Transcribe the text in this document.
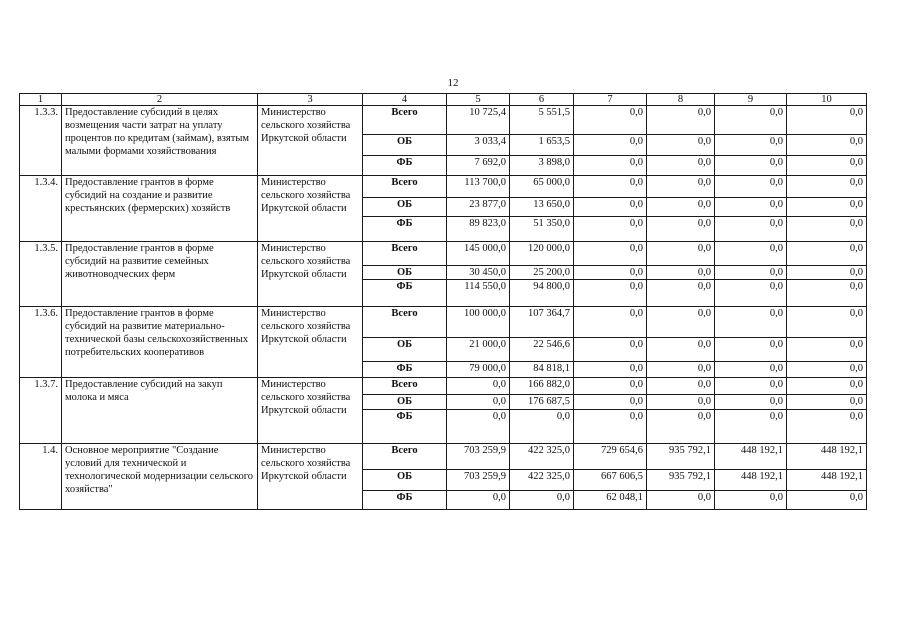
12
1	2	3	4	5	6	7	8	9	10
1.3.3.	Предоставление субсидий в целях возмещения части затрат на уплату процентов по кредитам (займам), взятым малыми формами хозяйствования	Министерство сельского хозяйства Иркутской области	Всего	10 725,4	5 551,5	0,0	0,0	0,0	0,0
			ОБ	3 033,4	1 653,5	0,0	0,0	0,0	0,0
			ФБ	7 692,0	3 898,0	0,0	0,0	0,0	0,0
1.3.4.	Предоставление грантов в форме субсидий на создание и развитие крестьянских (фермерских) хозяйств	Министерство сельского хозяйства Иркутской области	Всего	113 700,0	65 000,0	0,0	0,0	0,0	0,0
			ОБ	23 877,0	13 650,0	0,0	0,0	0,0	0,0
			ФБ	89 823,0	51 350,0	0,0	0,0	0,0	0,0
1.3.5.	Предоставление грантов в форме субсидий на развитие семейных животноводческих ферм	Министерство сельского хозяйства Иркутской области	Всего	145 000,0	120 000,0	0,0	0,0	0,0	0,0
			ОБ	30 450,0	25 200,0	0,0	0,0	0,0	0,0
			ФБ	114 550,0	94 800,0	0,0	0,0	0,0	0,0
1.3.6.	Предоставление грантов в форме субсидий на развитие материально-технической базы сельскохозяйственных потребительских кооперативов	Министерство сельского хозяйства Иркутской области	Всего	100 000,0	107 364,7	0,0	0,0	0,0	0,0
			ОБ	21 000,0	22 546,6	0,0	0,0	0,0	0,0
			ФБ	79 000,0	84 818,1	0,0	0,0	0,0	0,0
1.3.7.	Предоставление субсидий на закуп молока и мяса	Министерство сельского хозяйства Иркутской области	Всего	0,0	166 882,0	0,0	0,0	0,0	0,0
			ОБ	0,0	176 687,5	0,0	0,0	0,0	0,0
			ФБ	0,0	0,0	0,0	0,0	0,0	0,0
1.4.	Основное мероприятие "Создание условий для технической и технологической модернизации сельского хозяйства"	Министерство сельского хозяйства Иркутской области	Всего	703 259,9	422 325,0	729 654,6	935 792,1	448 192,1	448 192,1
			ОБ	703 259,9	422 325,0	667 606,5	935 792,1	448 192,1	448 192,1
			ФБ	0,0	0,0	62 048,1	0,0	0,0	0,0
